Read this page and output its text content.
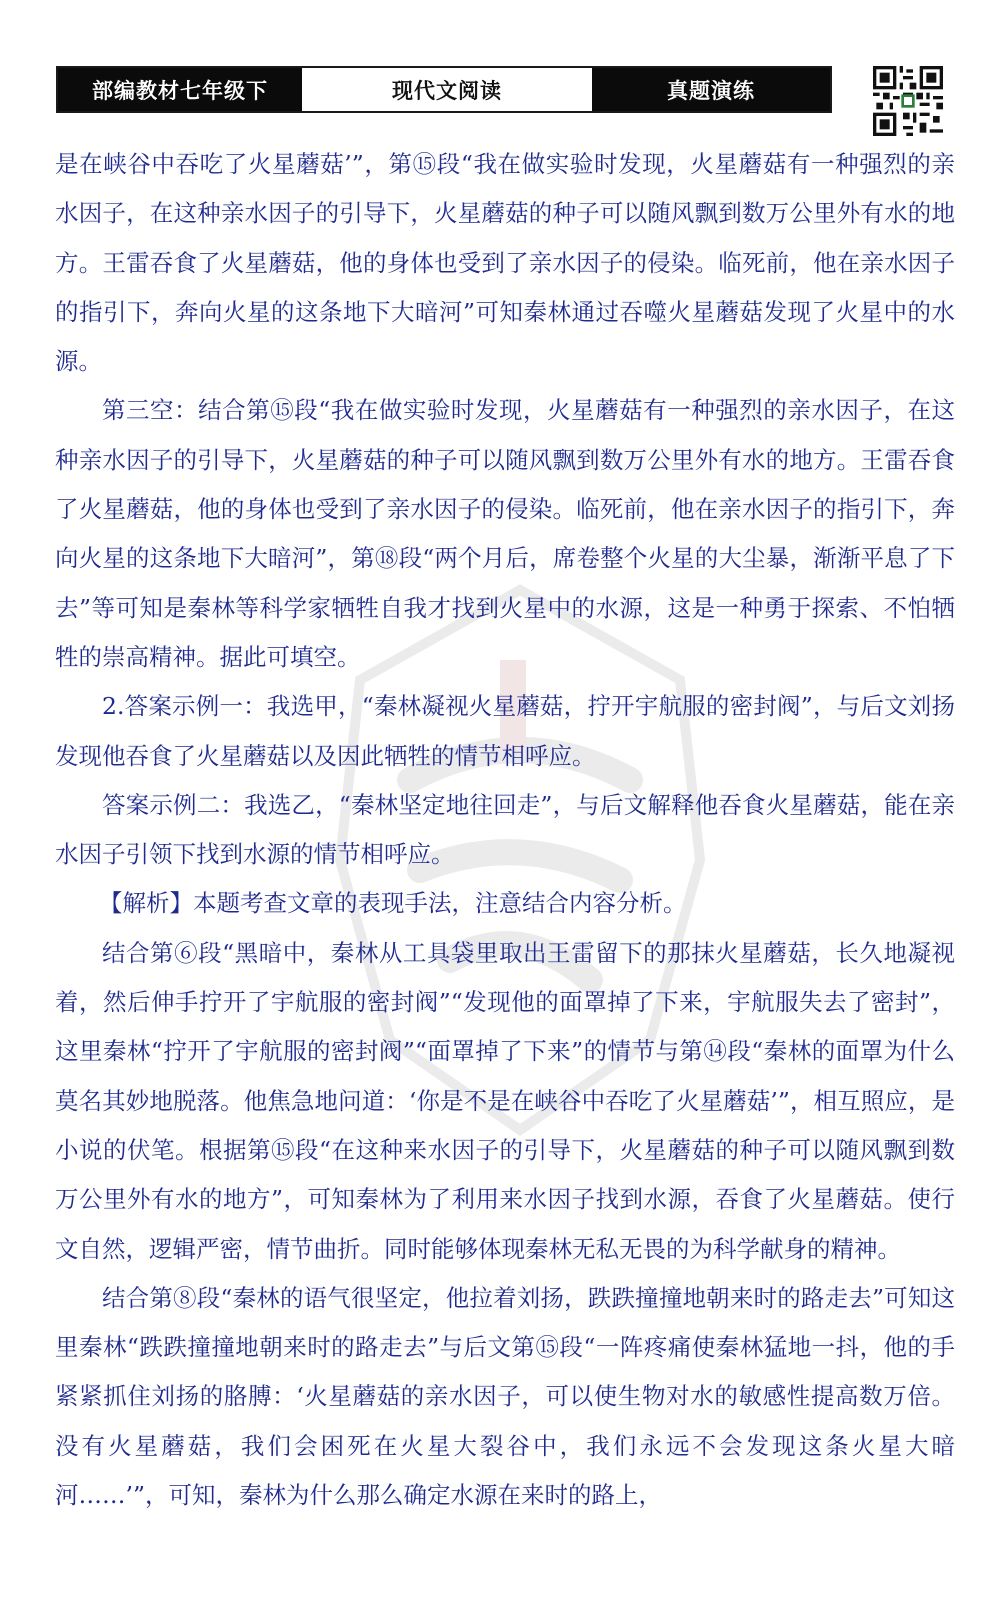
部编教材七年级下	现代文阅读	真题演练

是在峡谷中吞吃了火星蘑菇’”，第⑮段“我在做实验时发现，火星蘑菇有一种强烈的亲水因子，在这种亲水因子的引导下，火星蘑菇的种子可以随风飘到数万公里外有水的地方。王雷吞食了火星蘑菇，他的身体也受到了亲水因子的侵染。临死前，他在亲水因子的指引下，奔向火星的这条地下大暗河”可知秦林通过吞噬火星蘑菇发现了火星中的水源。

第三空：结合第⑮段“我在做实验时发现，火星蘑菇有一种强烈的亲水因子，在这种亲水因子的引导下，火星蘑菇的种子可以随风飘到数万公里外有水的地方。王雷吞食了火星蘑菇，他的身体也受到了亲水因子的侵染。临死前，他在亲水因子的指引下，奔向火星的这条地下大暗河”，第⑱段“两个月后，席卷整个火星的大尘暴，渐渐平息了下去”等可知是秦林等科学家牺牲自我才找到火星中的水源，这是一种勇于探索、不怕牺牲的崇高精神。据此可填空。

2.答案示例一：我选甲，“秦林凝视火星蘑菇，拧开宇航服的密封阀”，与后文刘扬发现他吞食了火星蘑菇以及因此牺牲的情节相呼应。

答案示例二：我选乙，“秦林坚定地往回走”，与后文解释他吞食火星蘑菇，能在亲水因子引领下找到水源的情节相呼应。

【解析】本题考查文章的表现手法，注意结合内容分析。

结合第⑥段“黑暗中，秦林从工具袋里取出王雷留下的那抹火星蘑菇，长久地凝视着，然后伸手拧开了宇航服的密封阀”“发现他的面罩掉了下来，宇航服失去了密封”，这里秦林“拧开了宇航服的密封阀”“面罩掉了下来”的情节与第⑭段“秦林的面罩为什么莫名其妙地脱落。他焦急地问道：‘你是不是在峡谷中吞吃了火星蘑菇’”，相互照应，是小说的伏笔。根据第⑮段“在这种来水因子的引导下，火星蘑菇的种子可以随风飘到数万公里外有水的地方”，可知秦林为了利用来水因子找到水源，吞食了火星蘑菇。使行文自然，逻辑严密，情节曲折。同时能够体现秦林无私无畏的为科学献身的精神。

结合第⑧段“秦林的语气很坚定，他拉着刘扬，跌跌撞撞地朝来时的路走去”可知这里秦林“跌跌撞撞地朝来时的路走去”与后文第⑮段“一阵疼痛使秦林猛地一抖，他的手紧紧抓住刘扬的胳膊：‘火星蘑菇的亲水因子，可以使生物对水的敏感性提高数万倍。没有火星蘑菇，我们会困死在火星大裂谷中，我们永远不会发现这条火星大暗河……’”，可知，秦林为什么那么确定水源在来时的路上，
